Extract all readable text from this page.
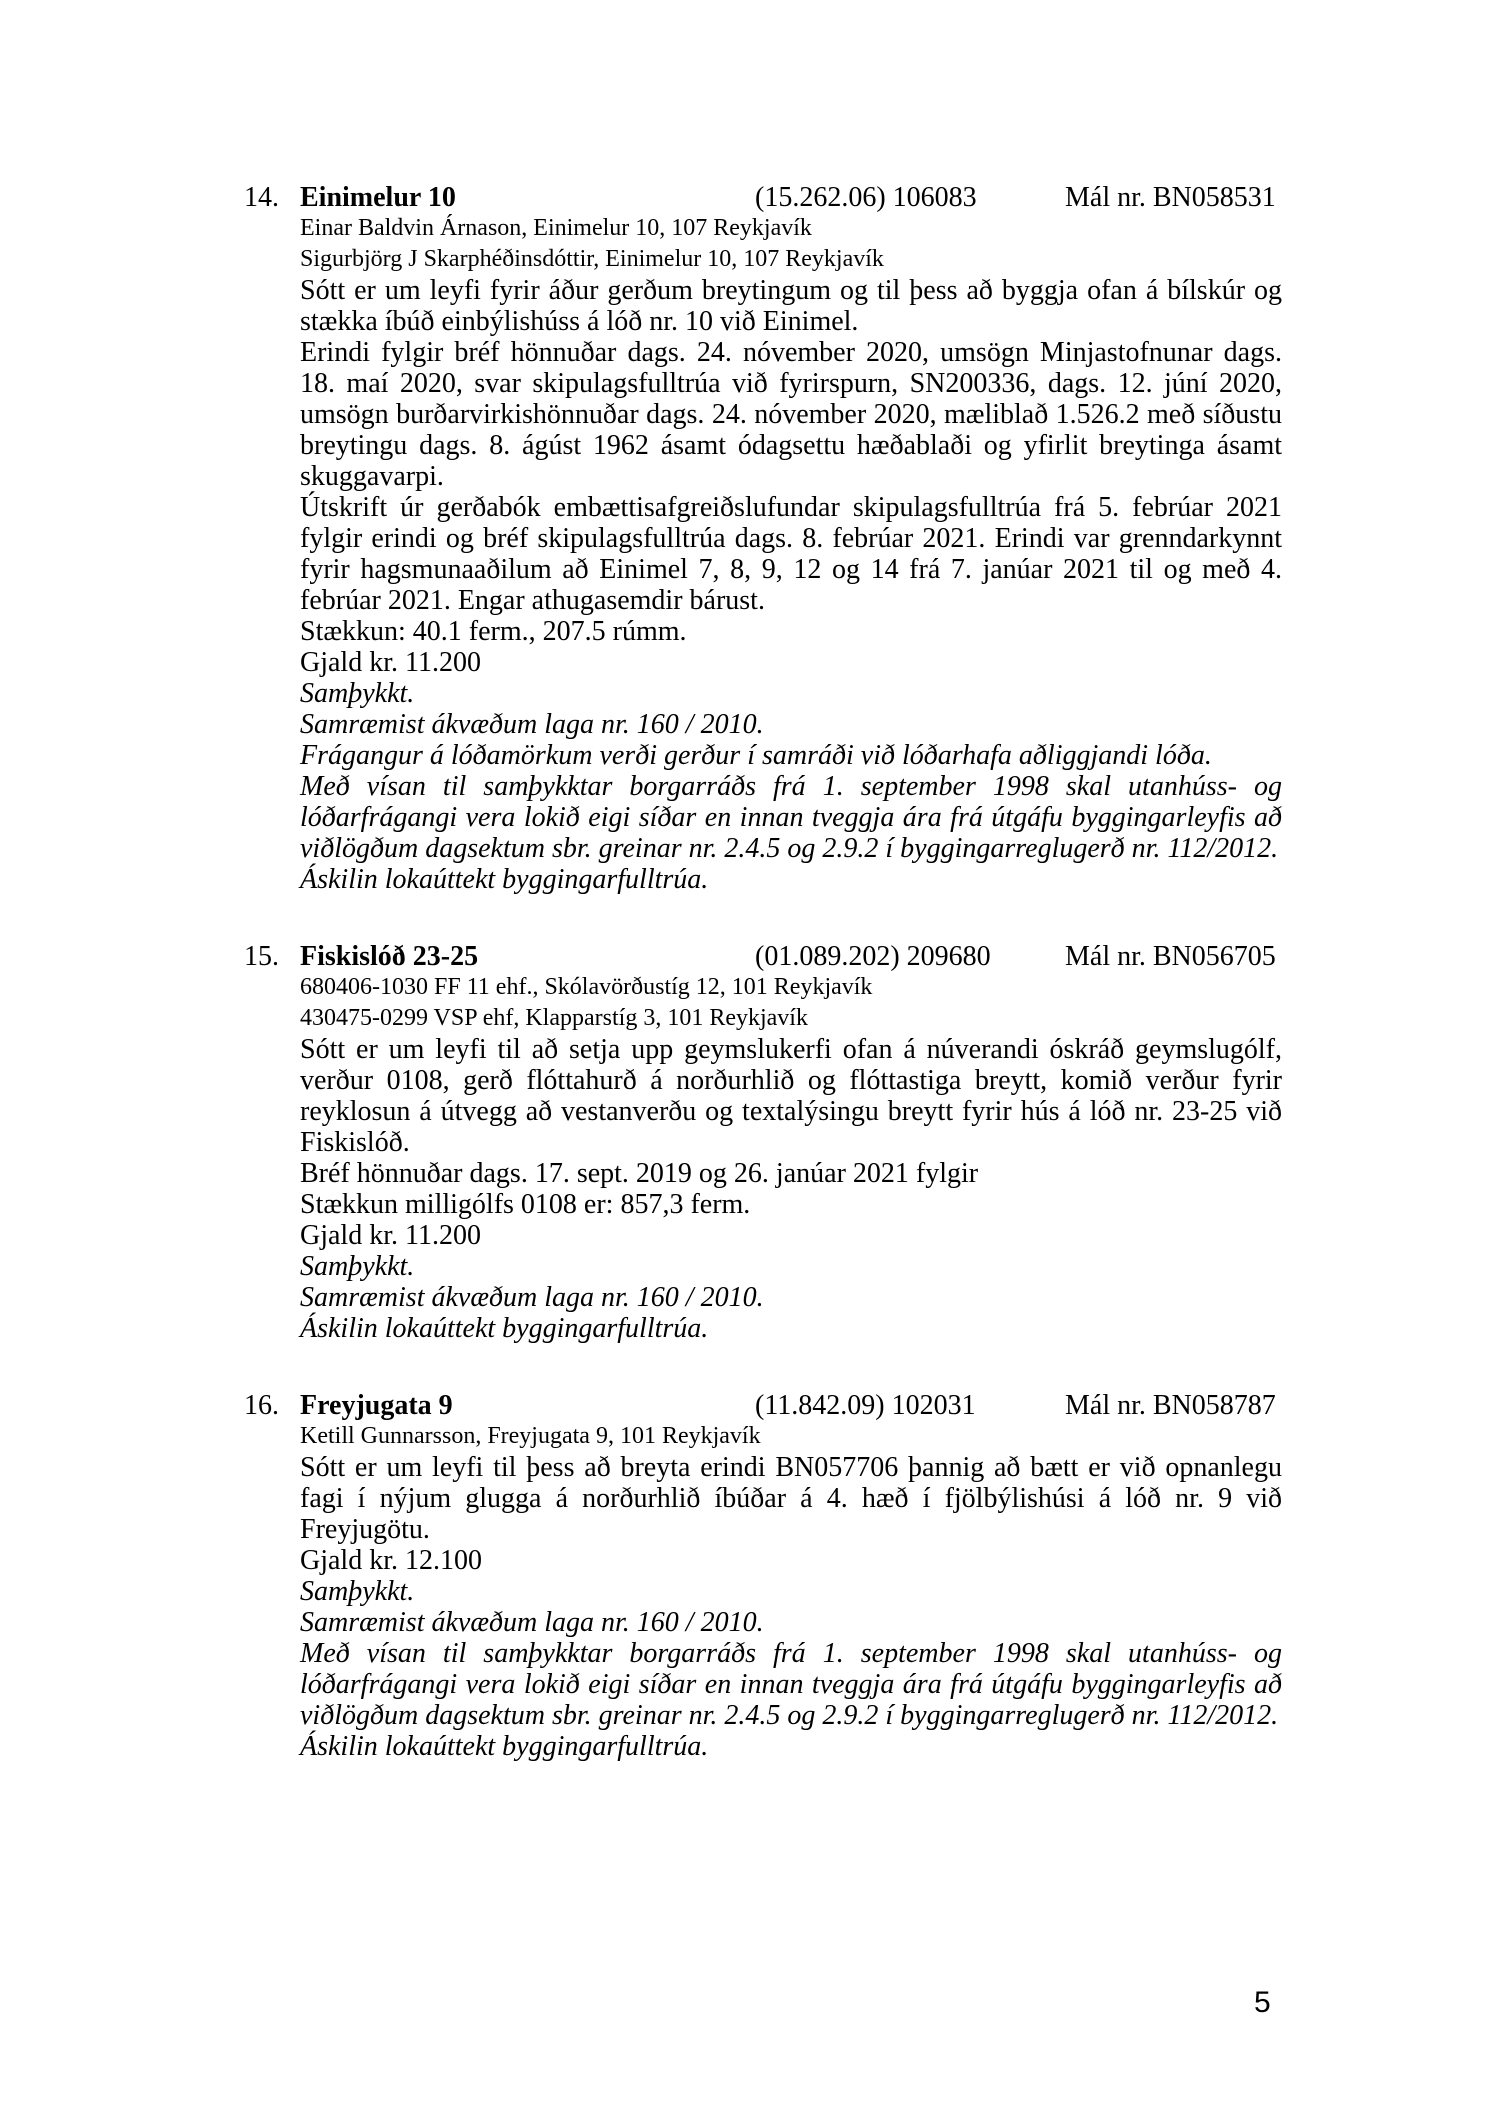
14. Einimelur 10	(15.262.06) 106083	Mál nr. BN058531
Einar Baldvin Árnason, Einimelur 10, 107 Reykjavík
Sigurbjörg J Skarphéðinsdóttir, Einimelur 10, 107 Reykjavík

Sótt er um leyfi fyrir áður gerðum breytingum og til þess að byggja ofan á bílskúr og stækka íbúð einbýlishúss á lóð nr. 10 við Einimel.

Erindi fylgir bréf hönnuðar dags. 24. nóvember 2020, umsögn Minjastofnunar dags. 18. maí 2020, svar skipulagsfulltrúa við fyrirspurn, SN200336, dags. 12. júní 2020, umsögn burðarvirkishönnuðar dags. 24. nóvember 2020, mæliblað 1.526.2 með síðustu breytingu dags. 8. ágúst 1962 ásamt ódagsettu hæðablaði og yfirlit breytinga ásamt skuggavarpi.

Útskrift úr gerðabók embættisafgreiðslufundar skipulagsfulltrúa frá 5. febrúar 2021 fylgir erindi og bréf skipulagsfulltrúa dags. 8. febrúar 2021. Erindi var grenndarkynnt fyrir hagsmunaaðilum að Einimel 7, 8, 9, 12 og 14 frá 7. janúar 2021 til og með 4. febrúar 2021. Engar athugasemdir bárust.

Stækkun: 40.1 ferm., 207.5 rúmm.

Gjald kr. 11.200

Samþykkt.

Samræmist ákvæðum laga nr. 160 / 2010.

Frágangur á lóðamörkum verði gerður í samráði við lóðarhafa aðliggjandi lóða.

Með vísan til samþykktar borgarráðs frá 1. september 1998 skal utanhúss- og lóðarfrágangi vera lokið eigi síðar en innan tveggja ára frá útgáfu byggingarleyfis að viðlögðum dagsektum sbr. greinar nr. 2.4.5 og 2.9.2 í byggingarreglugerð nr. 112/2012.

Áskilin lokaúttekt byggingarfulltrúa.

15. Fiskislóð 23-25	(01.089.202) 209680	Mál nr. BN056705
680406-1030 FF 11 ehf., Skólavörðustíg 12, 101 Reykjavík
430475-0299 VSP ehf, Klapparstíg 3, 101 Reykjavík

Sótt er um leyfi til að setja upp geymslukerfi ofan á núverandi óskráð geymslugólf, verður 0108, gerð flóttahurð á norðurhlið og flóttastiga breytt, komið verður fyrir reyklosun á útvegg að vestanverðu og textalýsingu breytt fyrir hús á lóð nr. 23-25 við Fiskislóð.

Bréf hönnuðar dags. 17. sept. 2019 og 26. janúar 2021 fylgir

Stækkun milligólfs 0108 er: 857,3 ferm.

Gjald kr. 11.200

Samþykkt.

Samræmist ákvæðum laga nr. 160 / 2010.

Áskilin lokaúttekt byggingarfulltrúa.

16. Freyjugata 9	(11.842.09) 102031	Mál nr. BN058787
Ketill Gunnarsson, Freyjugata 9, 101 Reykjavík

Sótt er um leyfi til þess að breyta erindi BN057706 þannig að bætt er við opnanlegu fagi í nýjum glugga á norðurhlið íbúðar á 4. hæð í fjölbýlishúsi á lóð nr. 9 við Freyjugötu.

Gjald kr. 12.100

Samþykkt.

Samræmist ákvæðum laga nr. 160 / 2010.

Með vísan til samþykktar borgarráðs frá 1. september 1998 skal utanhúss- og lóðarfrágangi vera lokið eigi síðar en innan tveggja ára frá útgáfu byggingarleyfis að viðlögðum dagsektum sbr. greinar nr. 2.4.5 og 2.9.2 í byggingarreglugerð nr. 112/2012.

Áskilin lokaúttekt byggingarfulltrúa.

5
